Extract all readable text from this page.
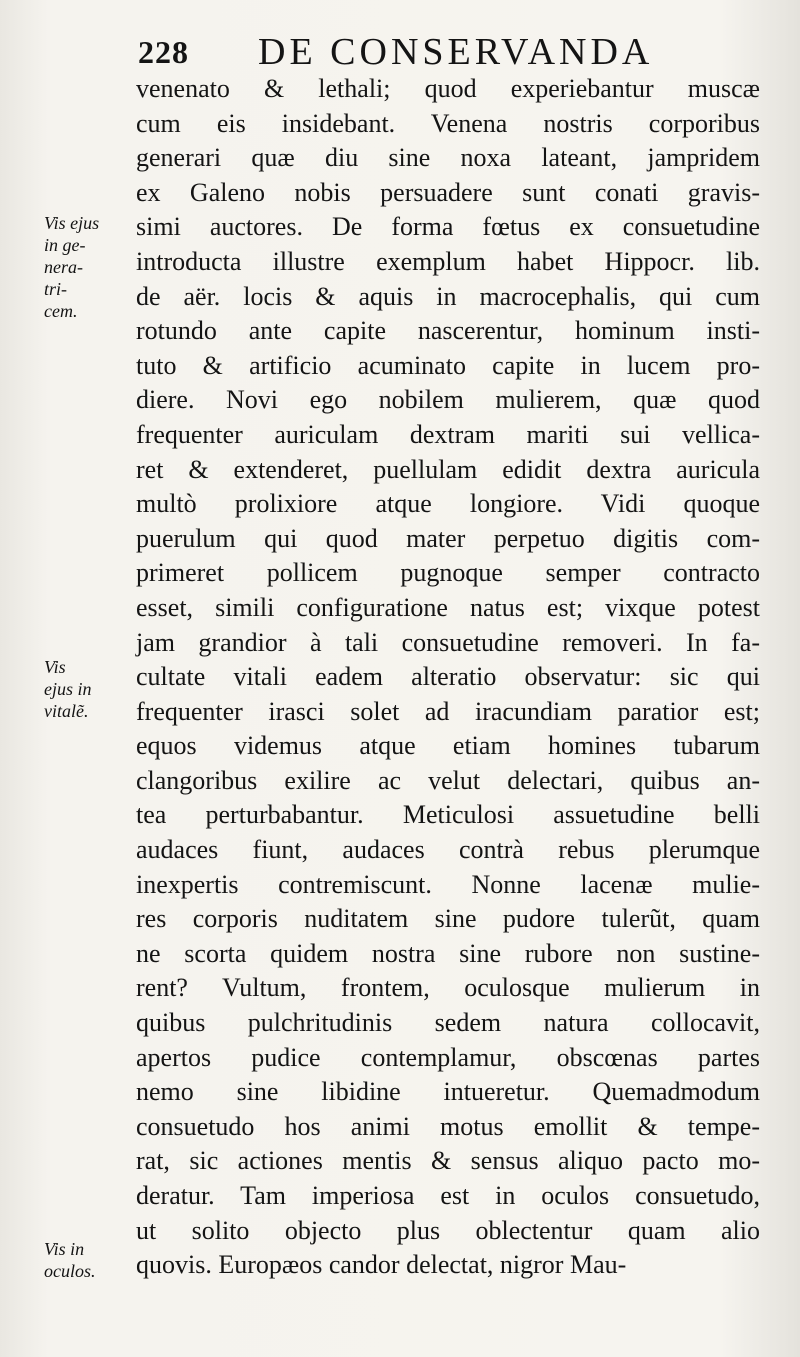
228 DE CONSERVANDA
venenato & lethali; quod experiebantur muscæ
cum eis insidebant. Venena nostris corporibus
generari quæ diu sine noxa lateant, jampridem
ex Galeno nobis persuadere sunt conati gravis-
simi auctores. De forma fœtus ex consuetudine
introducta illustre exemplum habet Hippocr. lib.
de aër. locis & aquis in macrocephalis, qui cum
rotundo ante capite nascerentur, hominum insti-
tuto & artificio acuminato capite in lucem pro-
diere. Novi ego nobilem mulierem, quæ quod
frequenter auriculam dextram mariti sui vellica-
ret & extenderet, puellulam edidit dextra auricula
multò prolixiore atque longiore. Vidi quoque
puerulum qui quod mater perpetuo digitis com-
primeret pollicem pugnoque semper contracto
esset, simili configuratione natus est; vixque potest
jam grandior à tali consuetudine removeri. In fa-
cultate vitali eadem alteratio observatur: sic qui
frequenter irasci solet ad iracundiam paratior est;
equos videmus atque etiam homines tubarum
clangoribus exilire ac velut delectari, quibus an-
tea perturbabantur. Meticulosi assuetudine belli
audaces fiunt, audaces contrà rebus plerumque
inexpertis contremiscunt. Nonne lacenæ mulie-
res corporis nuditatem sine pudore tulerũt, quam
ne scorta quidem nostra sine rubore non sustine-
rent? Vultum, frontem, oculosque mulierum in
quibus pulchritudinis sedem natura collocavit,
apertos pudice contemplamur, obscœnas partes
nemo sine libidine intueretur. Quemadmodum
consuetudo hos animi motus emollit & tempe-
rat, sic actiones mentis & sensus aliquo pacto mo-
deratur. Tam imperiosa est in oculos consuetudo,
ut solito objecto plus oblectentur quam alio
quovis. Europæos candor delectat, nigror Mau-
Vis ejus
in ge-
nera-
tri-
cem.
Vis
ejus in
vitalẽ.
Vis in
oculos.
